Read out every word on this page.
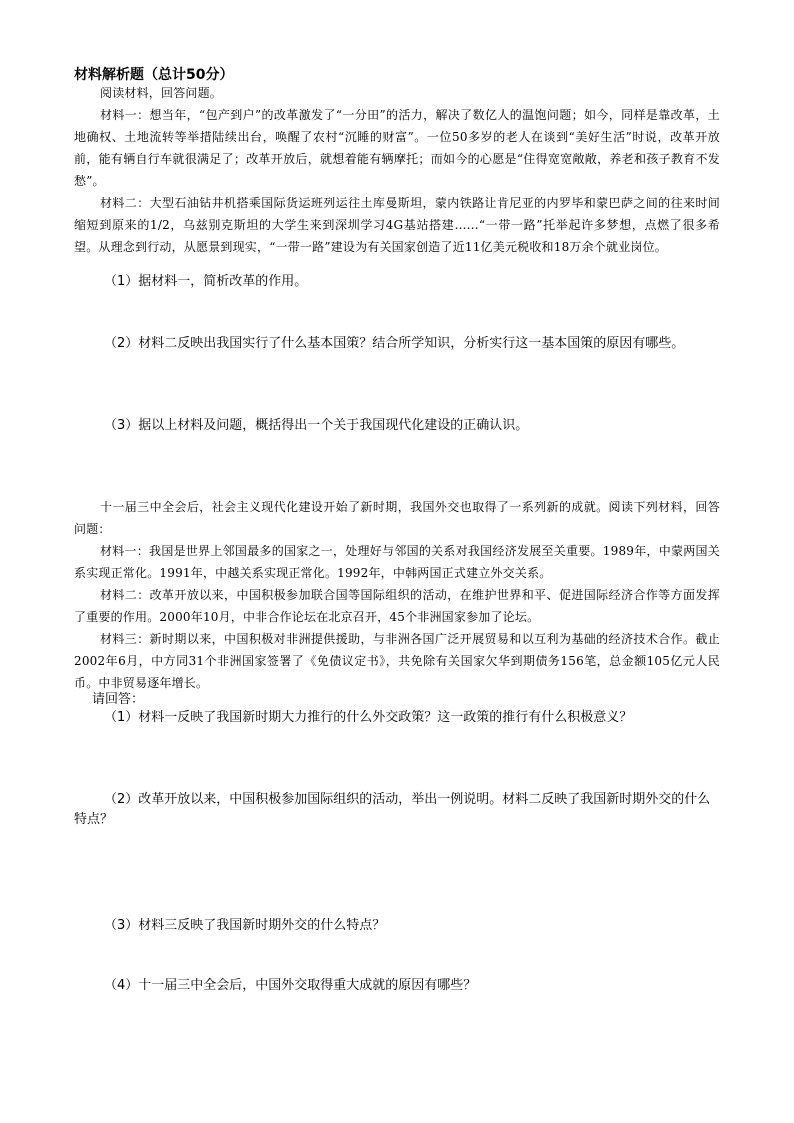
材料解析题（总计50分）

阅读材料，回答问题。

材料一：想当年，“包产到户”的改革激发了“一分田”的活力，解决了数亿人的温饱问题；如今，同样是靠改革，土地确权、土地流转等举措陆续出台，唤醒了农村“沉睡的财富”。一位50多岁的老人在谈到“美好生活”时说，改革开放前，能有辆自行车就很满足了；改革开放后，就想着能有辆摩托；而如今的心愿是“住得宽宽敞敞，养老和孩子教育不发愁”。

材料二：大型石油钻井机搭乘国际货运班列运往土库曼斯坦，蒙内铁路让肯尼亚的内罗毕和蒙巴萨之间的往来时间缩短到原来的1/2，乌兹别克斯坦的大学生来到深圳学习4G基站搭建……“一带一路”托举起许多梦想，点燃了很多希望。从理念到行动，从愿景到现实，“一带一路”建设为有关国家创造了近11亿美元税收和18万余个就业岗位。

（1）据材料一，简析改革的作用。

（2）材料二反映出我国实行了什么基本国策？结合所学知识，分析实行这一基本国策的原因有哪些。

（3）据以上材料及问题，概括得出一个关于我国现代化建设的正确认识。

十一届三中全会后，社会主义现代化建设开始了新时期，我国外交也取得了一系列新的成就。阅读下列材料，回答问题：

材料一：我国是世界上邻国最多的国家之一，处理好与邻国的关系对我国经济发展至关重要。1989年，中蒙两国关系实现正常化。1991年，中越关系实现正常化。1992年，中韩两国正式建立外交关系。

材料二：改革开放以来，中国积极参加联合国等国际组织的活动，在维护世界和平、促进国际经济合作等方面发挥了重要的作用。2000年10月，中非合作论坛在北京召开，45个非洲国家参加了论坛。

材料三：新时期以来，中国积极对非洲提供援助，与非洲各国广泛开展贸易和以互利为基础的经济技术合作。截止2002年6月，中方同31个非洲国家签署了《免债议定书》，共免除有关国家欠华到期债务156笔，总金额105亿元人民币。中非贸易逐年增长。

请回答：

（1）材料一反映了我国新时期大力推行的什么外交政策？这一政策的推行有什么积极意义？

（2）改革开放以来，中国积极参加国际组织的活动，举出一例说明。材料二反映了我国新时期外交的什么特点？

（3）材料三反映了我国新时期外交的什么特点？

（4）十一届三中全会后，中国外交取得重大成就的原因有哪些？
